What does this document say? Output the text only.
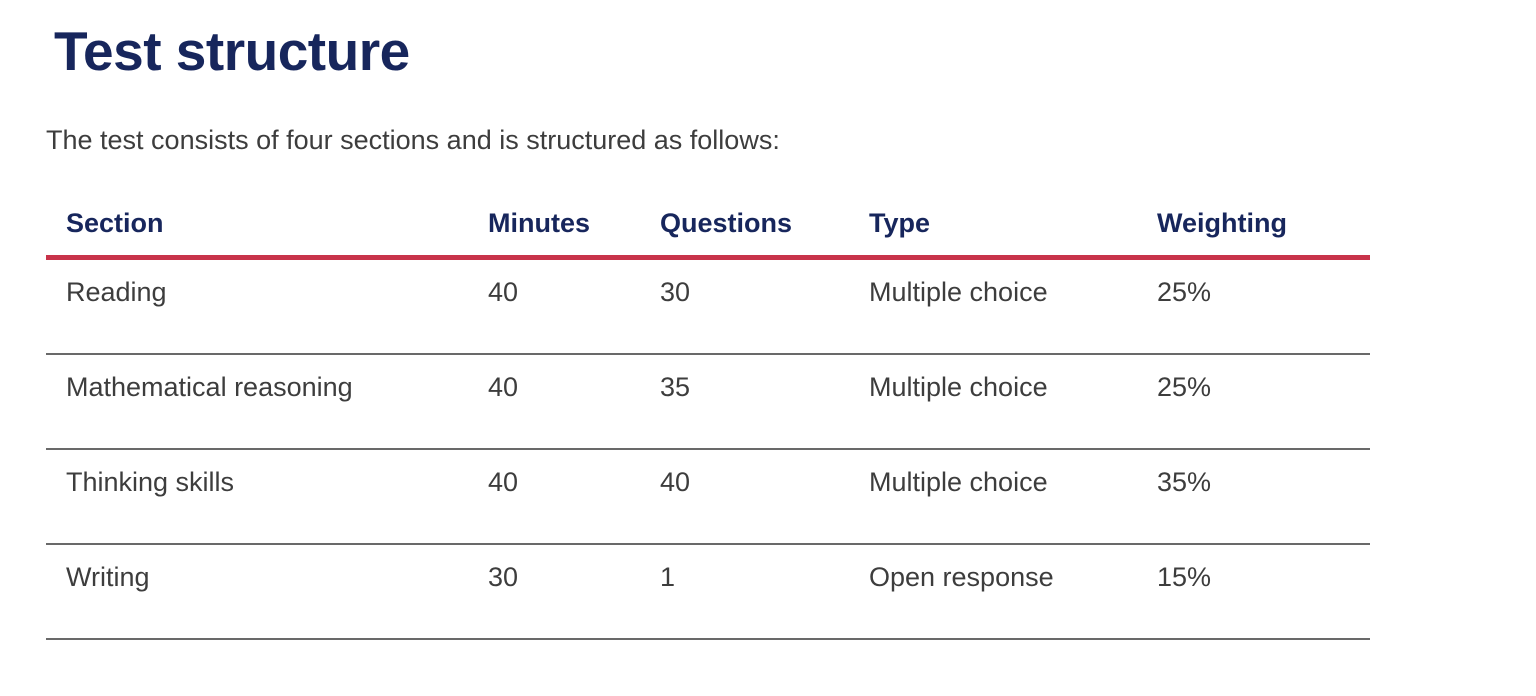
Test structure

The test consists of four sections and is structured as follows:

Section	Minutes	Questions	Type	Weighting
Reading	40	30	Multiple choice	25%
Mathematical reasoning	40	35	Multiple choice	25%
Thinking skills	40	40	Multiple choice	35%
Writing	30	1	Open response	15%
